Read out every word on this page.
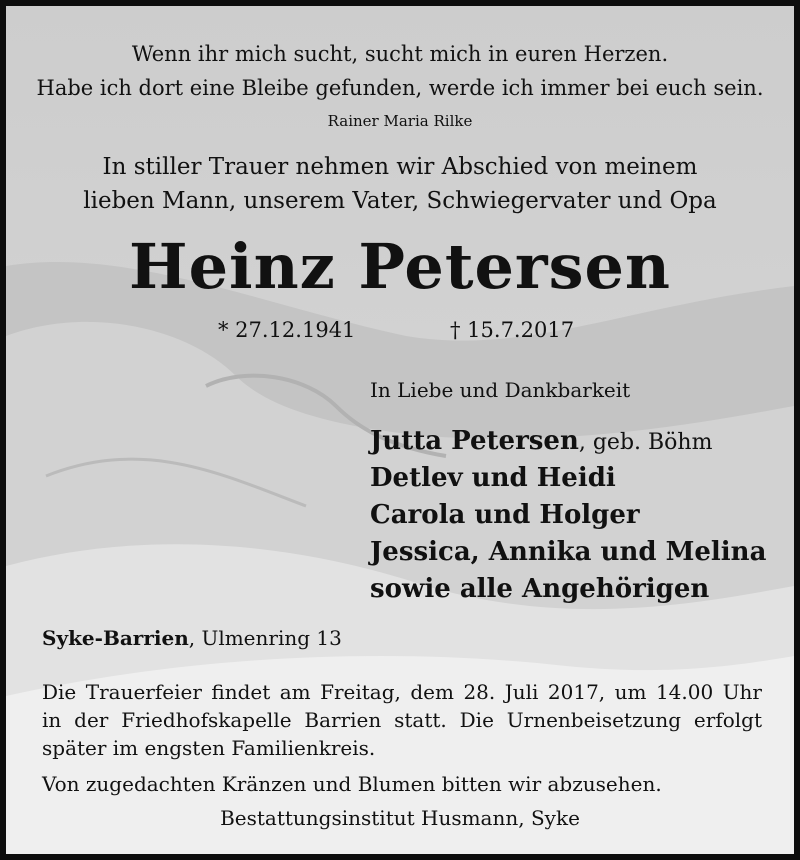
Wenn ihr mich sucht, sucht mich in euren Herzen.
Habe ich dort eine Bleibe gefunden, werde ich immer bei euch sein.
Rainer Maria Rilke
In stiller Trauer nehmen wir Abschied von meinem
lieben Mann, unserem Vater, Schwiegervater und Opa
Heinz Petersen
* 27.12.1941	† 15.7.2017
In Liebe und Dankbarkeit
Jutta Petersen, geb. Böhm
Detlev und Heidi
Carola und Holger
Jessica, Annika und Melina
sowie alle Angehörigen
Syke-Barrien, Ulmenring 13
Die Trauerfeier findet am Freitag, dem 28. Juli 2017, um 14.00 Uhr
in der Friedhofskapelle Barrien statt. Die Urnenbeisetzung erfolgt
später im engsten Familienkreis.
Von zugedachten Kränzen und Blumen bitten wir abzusehen.
Bestattungsinstitut Husmann, Syke
